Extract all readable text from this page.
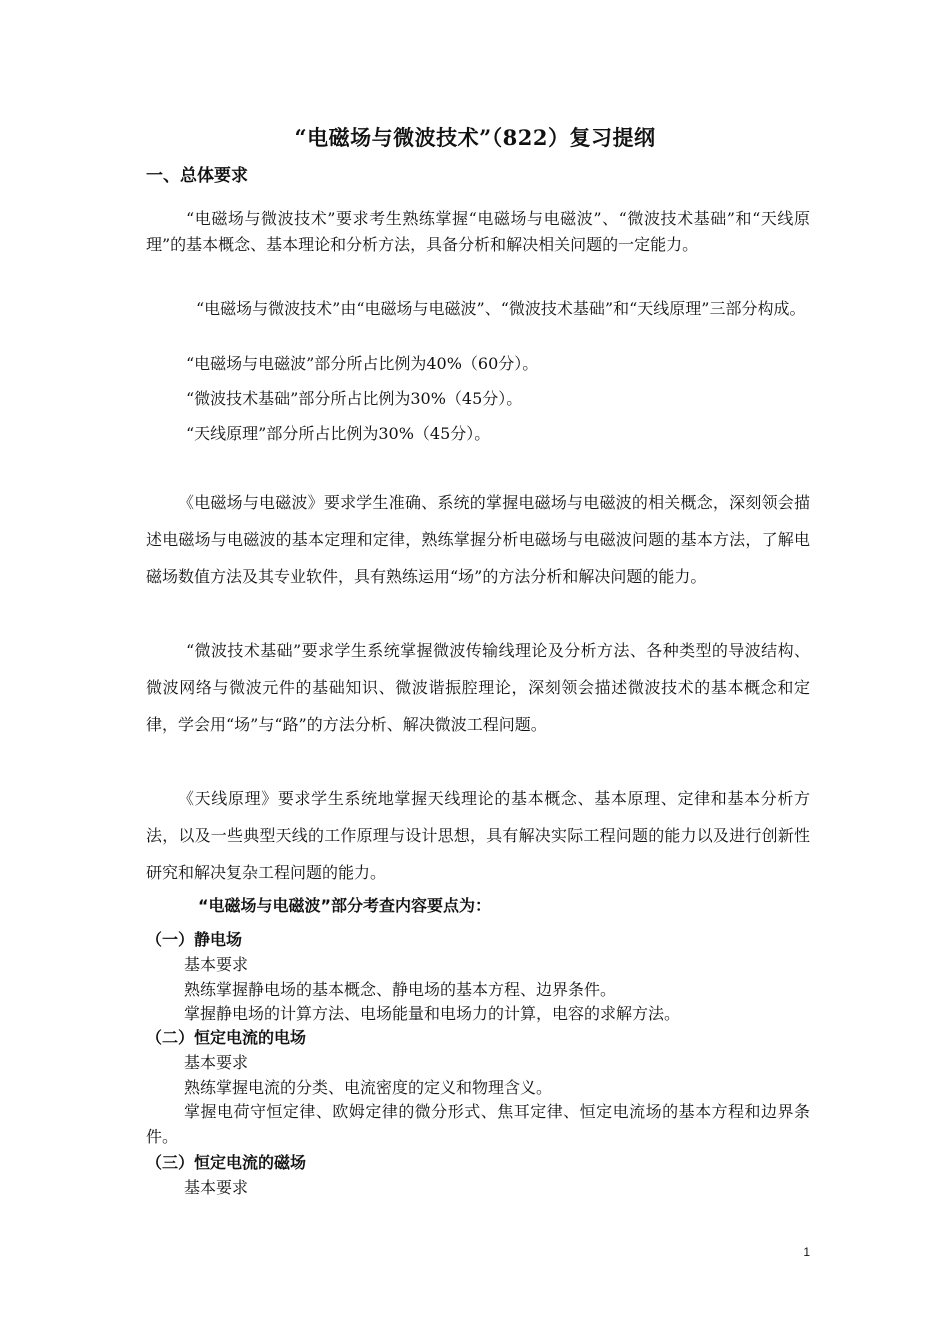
“电磁场与微波技术”（822）复习提纲
一、总体要求

“电磁场与微波技术”要求考生熟练掌握“电磁场与电磁波”、“微波技术基础”和“天线原理”的基本概念、基本理论和分析方法，具备分析和解决相关问题的一定能力。

“电磁场与微波技术”由“电磁场与电磁波”、“微波技术基础”和“天线原理”三部分构成。

“电磁场与电磁波”部分所占比例为40%（60分）。
“微波技术基础”部分所占比例为30%（45分）。
“天线原理”部分所占比例为30%（45分）。

《电磁场与电磁波》要求学生准确、系统的掌握电磁场与电磁波的相关概念，深刻领会描述电磁场与电磁波的基本定理和定律，熟练掌握分析电磁场与电磁波问题的基本方法，了解电磁场数值方法及其专业软件，具有熟练运用“场”的方法分析和解决问题的能力。

“微波技术基础”要求学生系统掌握微波传输线理论及分析方法、各种类型的导波结构、微波网络与微波元件的基础知识、微波谐振腔理论，深刻领会描述微波技术的基本概念和定律，学会用“场”与“路”的方法分析、解决微波工程问题。

《天线原理》要求学生系统地掌握天线理论的基本概念、基本原理、定律和基本分析方法，以及一些典型天线的工作原理与设计思想，具有解决实际工程问题的能力以及进行创新性研究和解决复杂工程问题的能力。

“电磁场与电磁波”部分考查内容要点为：
（一）静电场
基本要求
熟练掌握静电场的基本概念、静电场的基本方程、边界条件。
掌握静电场的计算方法、电场能量和电场力的计算，电容的求解方法。
（二）恒定电流的电场
基本要求
熟练掌握电流的分类、电流密度的定义和物理含义。

掌握电荷守恒定律、欧姆定律的微分形式、焦耳定律、恒定电流场的基本方程和边界条件。

（三）恒定电流的磁场
基本要求
1
